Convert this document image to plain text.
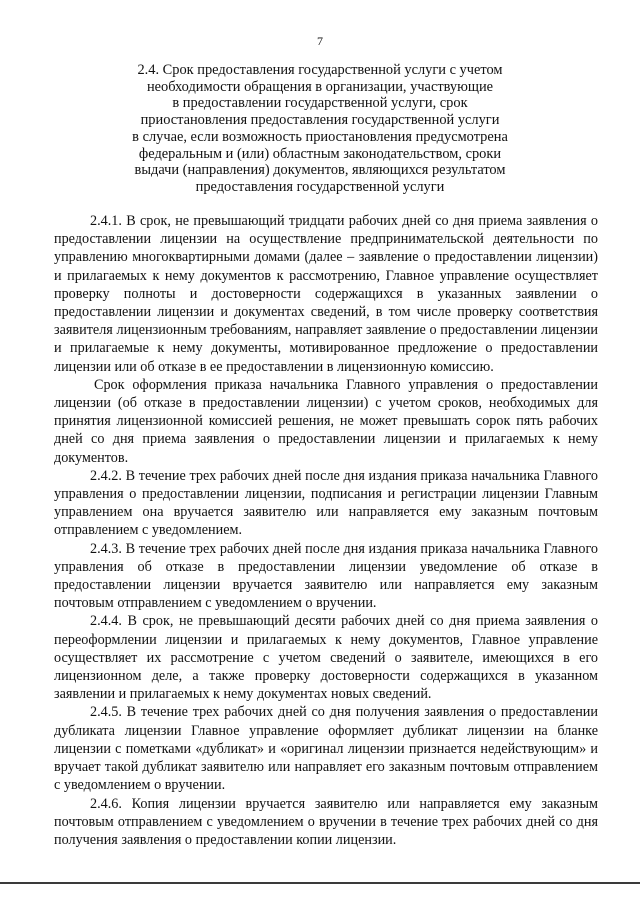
7
2.4. Срок предоставления государственной услуги с учетом
необходимости обращения в организации, участвующие
в предоставлении государственной услуги, срок
приостановления предоставления государственной услуги
в случае, если возможность приостановления предусмотрена
федеральным и (или) областным законодательством, сроки
выдачи (направления) документов, являющихся результатом
предоставления государственной услуги

2.4.1. В срок, не превышающий тридцати рабочих дней со дня приема заявления о предоставлении лицензии на осуществление предпринимательской деятельности по управлению многоквартирными домами (далее – заявление о предоставлении лицензии) и прилагаемых к нему документов к рассмотрению, Главное управление осуществляет проверку полноты и достоверности содержащихся в указанных заявлении о предоставлении лицензии и документах сведений, в том числе проверку соответствия заявителя лицензионным требованиям, направляет заявление о предоставлении лицензии и прилагаемые к нему документы, мотивированное предложение о предоставлении лицензии или об отказе в ее предоставлении в лицензионную комиссию.

Срок оформления приказа начальника Главного управления о предоставлении лицензии (об отказе в предоставлении лицензии) с учетом сроков, необходимых для принятия лицензионной комиссией решения, не может превышать сорок пять рабочих дней со дня приема заявления о предоставлении лицензии и прилагаемых к нему документов.

2.4.2. В течение трех рабочих дней после дня издания приказа начальника Главного управления о предоставлении лицензии, подписания и регистрации лицензии Главным управлением она вручается заявителю или направляется ему заказным почтовым отправлением с уведомлением.

2.4.3. В течение трех рабочих дней после дня издания приказа начальника Главного управления об отказе в предоставлении лицензии уведомление об отказе в предоставлении лицензии вручается заявителю или направляется ему заказным почтовым отправлением с уведомлением о вручении.

2.4.4. В срок, не превышающий десяти рабочих дней со дня приема заявления о переоформлении лицензии и прилагаемых к нему документов, Главное управление осуществляет их рассмотрение с учетом сведений о заявителе, имеющихся в его лицензионном деле, а также проверку достоверности содержащихся в указанном заявлении и прилагаемых к нему документах новых сведений.

2.4.5. В течение трех рабочих дней со дня получения заявления о предоставлении дубликата лицензии Главное управление оформляет дубликат лицензии на бланке лицензии с пометками «дубликат» и «оригинал лицензии признается недействующим» и вручает такой дубликат заявителю или направляет его заказным почтовым отправлением с уведомлением о вручении.

2.4.6. Копия лицензии вручается заявителю или направляется ему заказным почтовым отправлением с уведомлением о вручении в течение трех рабочих дней со дня получения заявления о предоставлении копии лицензии.
